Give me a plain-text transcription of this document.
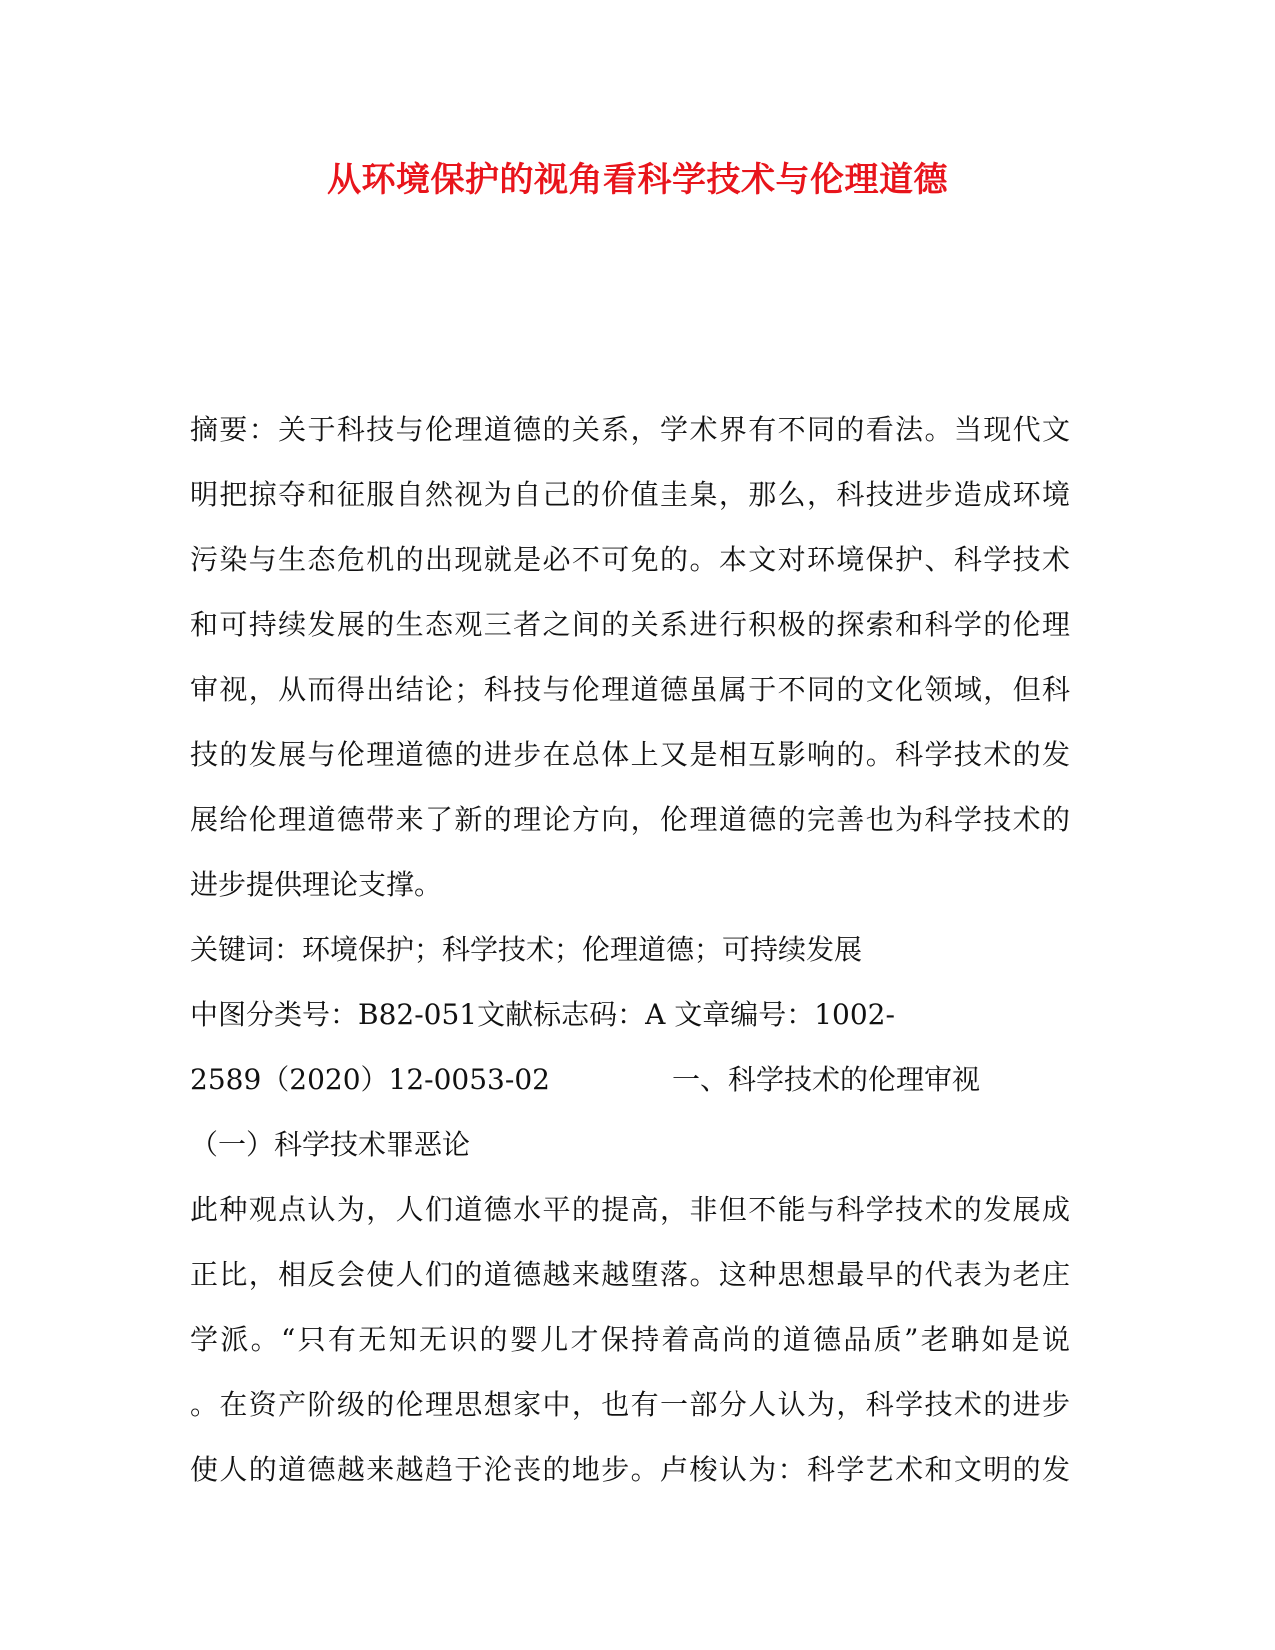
从环境保护的视角看科学技术与伦理道德
摘要：关于科技与伦理道德的关系，学术界有不同的看法。当现代文
明把掠夺和征服自然视为自己的价值圭臬，那么，科技进步造成环境
污染与生态危机的出现就是必不可免的。本文对环境保护、科学技术
和可持续发展的生态观三者之间的关系进行积极的探索和科学的伦理
审视，从而得出结论；科技与伦理道德虽属于不同的文化领域，但科
技的发展与伦理道德的进步在总体上又是相互影响的。科学技术的发
展给伦理道德带来了新的理论方向，伦理道德的完善也为科学技术的
进步提供理论支撑。
关键词：环境保护；科学技术；伦理道德；可持续发展
中图分类号：B82-051文献标志码：A 文章编号：1002-
2589（2020）12-0053-02	一、科学技术的伦理审视
（一）科学技术罪恶论
此种观点认为，人们道德水平的提高，非但不能与科学技术的发展成
正比，相反会使人们的道德越来越堕落。这种思想最早的代表为老庄
学派。“只有无知无识的婴儿才保持着高尚的道德品质”老聃如是说
。在资产阶级的伦理思想家中，也有一部分人认为，科学技术的进步
使人的道德越来越趋于沦丧的地步。卢梭认为：科学艺术和文明的发
